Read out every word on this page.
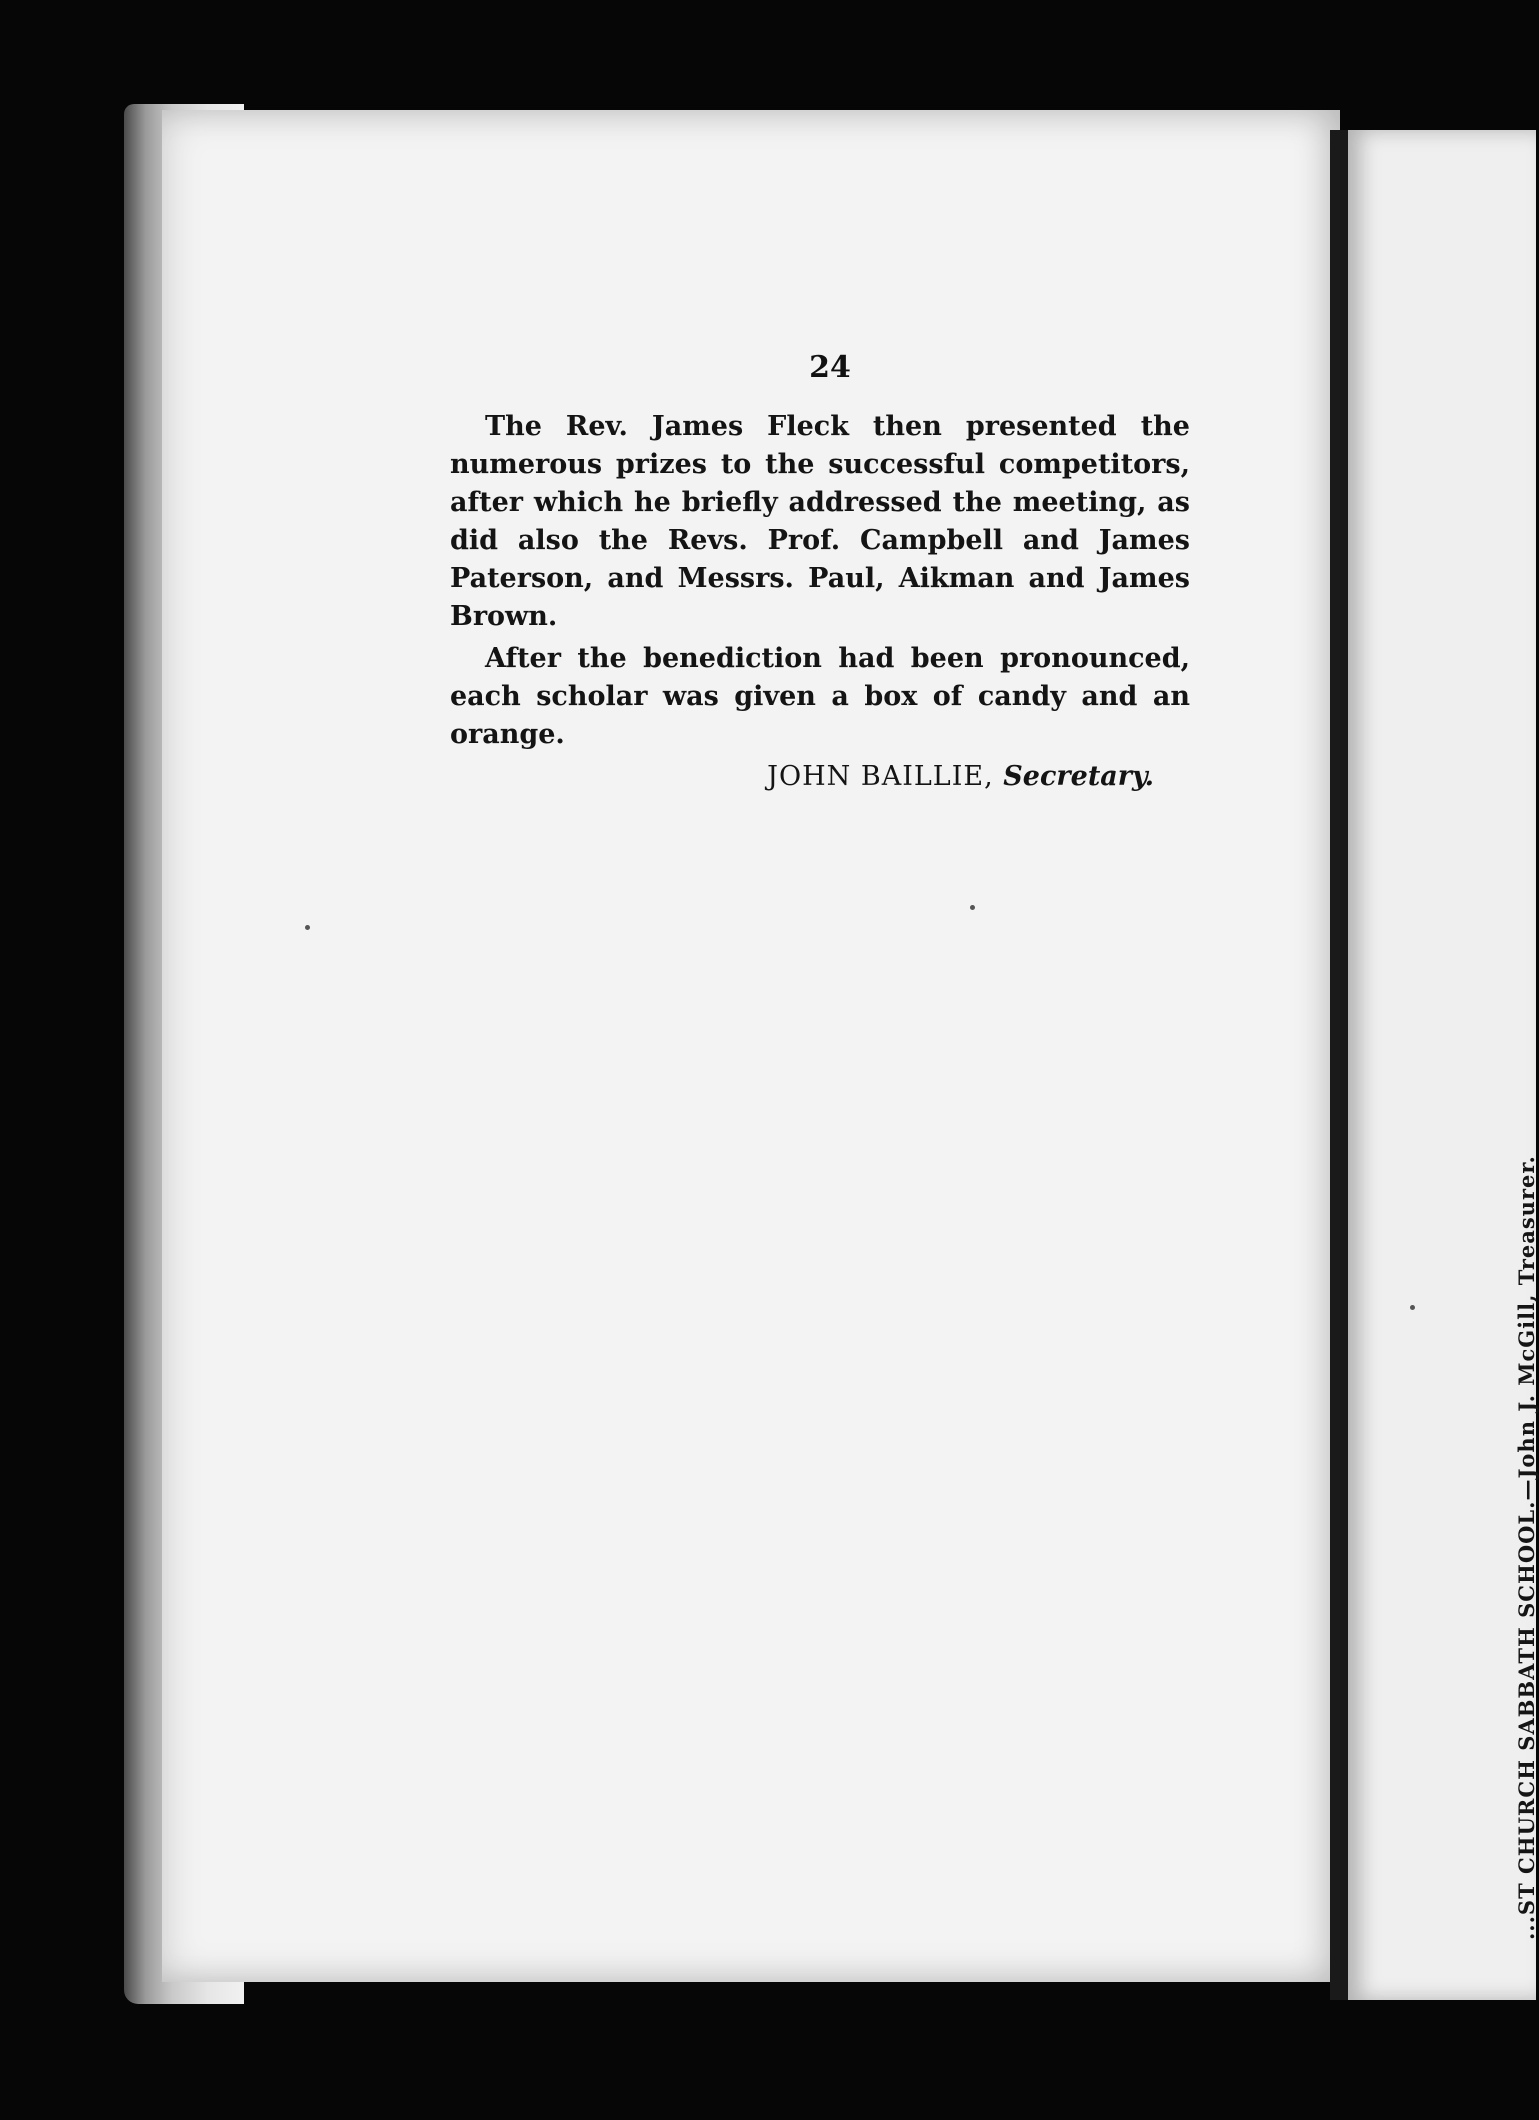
24

The Rev. James Fleck then presented the numerous prizes to the successful competitors, after which he briefly addressed the meeting, as did also the Revs. Prof. Campbell and James Paterson, and Messrs. Paul, Aikman and James Brown.

After the benediction had been pronounced, each scholar was given a box of candy and an orange.

JOHN BAILLIE, Secretary.
...ST CHURCH SABBATH SCHOOL.—John J. McGill, Treasurer.
